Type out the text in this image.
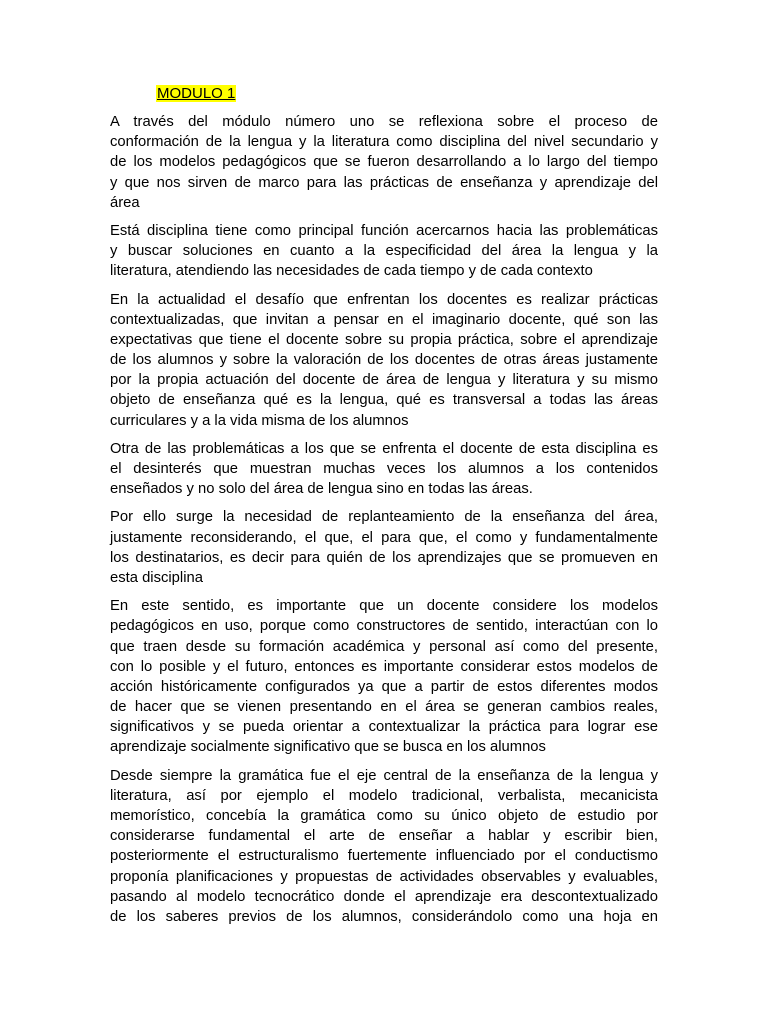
MODULO 1
A través del módulo número uno se reflexiona sobre el proceso de
conformación de la lengua y la literatura como disciplina del nivel secundario y
de los modelos pedagógicos que se fueron desarrollando a lo largo del tiempo
y que nos sirven de marco para las prácticas de enseñanza y aprendizaje del
área
Está disciplina tiene como principal función acercarnos hacia las problemáticas
y buscar soluciones en cuanto a la especificidad del área la lengua y la
literatura, atendiendo las necesidades de cada tiempo y de cada contexto
En la actualidad el desafío que enfrentan los docentes es realizar prácticas
contextualizadas, que invitan a pensar en el imaginario docente, qué son las
expectativas que tiene el docente sobre su propia práctica, sobre el aprendizaje
de los alumnos y sobre la valoración de los docentes de otras áreas justamente
por la propia actuación del docente de área de lengua y literatura y su mismo
objeto de enseñanza qué es la lengua, qué es transversal a todas las áreas
curriculares y a la vida misma de los alumnos
Otra de las problemáticas a los que se enfrenta el docente de esta disciplina es
el desinterés que muestran muchas veces los alumnos a los contenidos
enseñados y no solo del área de lengua sino en todas las áreas.
Por ello surge la necesidad de replanteamiento de la enseñanza del área,
justamente reconsiderando, el que, el para que, el como y fundamentalmente
los destinatarios, es decir para quién de los aprendizajes que se promueven en
esta disciplina
En este sentido, es importante que un docente considere los modelos
pedagógicos en uso, porque como constructores de sentido, interactúan con lo
que traen desde su formación académica y personal así como del presente,
con lo posible y el futuro, entonces es importante considerar estos modelos de
acción históricamente configurados ya que a partir de estos diferentes modos
de hacer que se vienen presentando en el área se generan cambios reales,
significativos y se pueda orientar a contextualizar la práctica para lograr ese
aprendizaje socialmente significativo que se busca en los alumnos
Desde siempre la gramática fue el eje central de la enseñanza de la lengua y
literatura, así por ejemplo el modelo tradicional, verbalista, mecanicista
memorístico, concebía la gramática como su único objeto de estudio por
considerarse fundamental el arte de enseñar a hablar y escribir bien,
posteriormente el estructuralismo fuertemente influenciado por el conductismo
proponía planificaciones y propuestas de actividades observables y evaluables,
pasando al modelo tecnocrático donde el aprendizaje era descontextualizado
de los saberes previos de los alumnos, considerándolo como una hoja en
